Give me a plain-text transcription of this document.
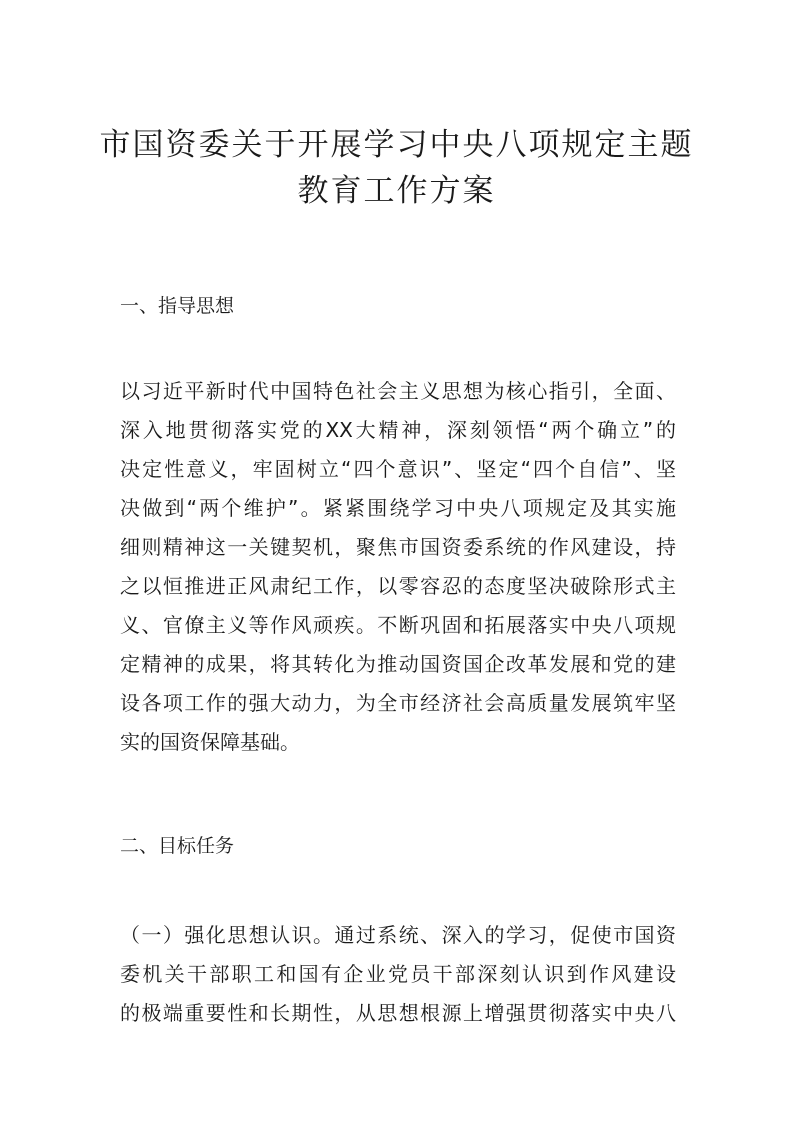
市国资委关于开展学习中央八项规定主题
教育工作方案
一、指导思想
以习近平新时代中国特色社会主义思想为核心指引，全面、
深入地贯彻落实党的XX大精神，深刻领悟“两个确立”的
决定性意义，牢固树立“四个意识”、坚定“四个自信”、坚
决做到“两个维护”。紧紧围绕学习中央八项规定及其实施
细则精神这一关键契机，聚焦市国资委系统的作风建设，持
之以恒推进正风肃纪工作，以零容忍的态度坚决破除形式主
义、官僚主义等作风顽疾。不断巩固和拓展落实中央八项规
定精神的成果，将其转化为推动国资国企改革发展和党的建
设各项工作的强大动力，为全市经济社会高质量发展筑牢坚
实的国资保障基础。
二、目标任务
（一）强化思想认识。通过系统、深入的学习，促使市国资
委机关干部职工和国有企业党员干部深刻认识到作风建设
的极端重要性和长期性，从思想根源上增强贯彻落实中央八
